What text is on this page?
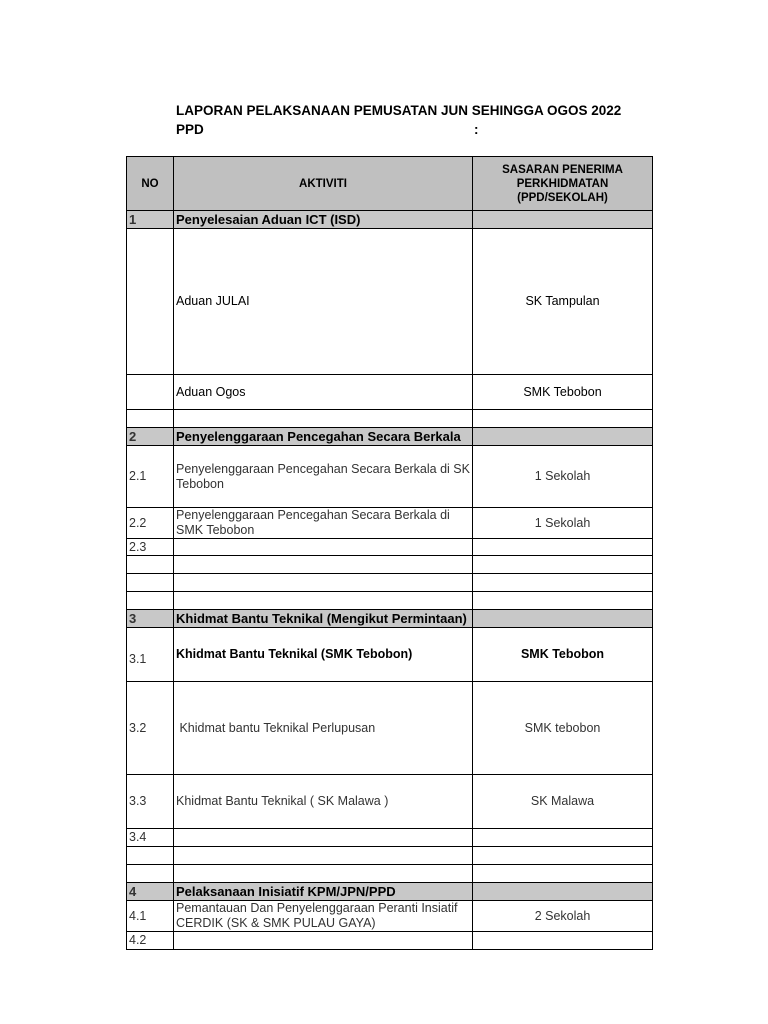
LAPORAN PELAKSANAAN PEMUSATAN JUN SEHINGGA OGOS 2022
PPD	:
NO	AKTIVITI	SASARAN PENERIMA PERKHIDMATAN (PPD/SEKOLAH)
1	Penyelesaian Aduan ICT (ISD)	
	Aduan JULAI	SK Tampulan
	Aduan Ogos	SMK Tebobon

2	Penyelenggaraan Pencegahan Secara Berkala	
2.1	Penyelenggaraan Pencegahan Secara Berkala di SK Tebobon	1 Sekolah
2.2	Penyelenggaraan Pencegahan Secara Berkala di SMK Tebobon	1 Sekolah
2.3		

3	Khidmat Bantu Teknikal (Mengikut Permintaan)	
3.1	Khidmat Bantu Teknikal (SMK Tebobon)	SMK Tebobon
3.2	Khidmat bantu Teknikal Perlupusan	SMK tebobon
3.3	Khidmat Bantu Teknikal ( SK Malawa )	SK Malawa
3.4		

4	Pelaksanaan Inisiatif KPM/JPN/PPD	
4.1	Pemantauan Dan Penyelenggaraan Peranti Insiatif CERDIK (SK & SMK PULAU GAYA)	2 Sekolah
4.2		
